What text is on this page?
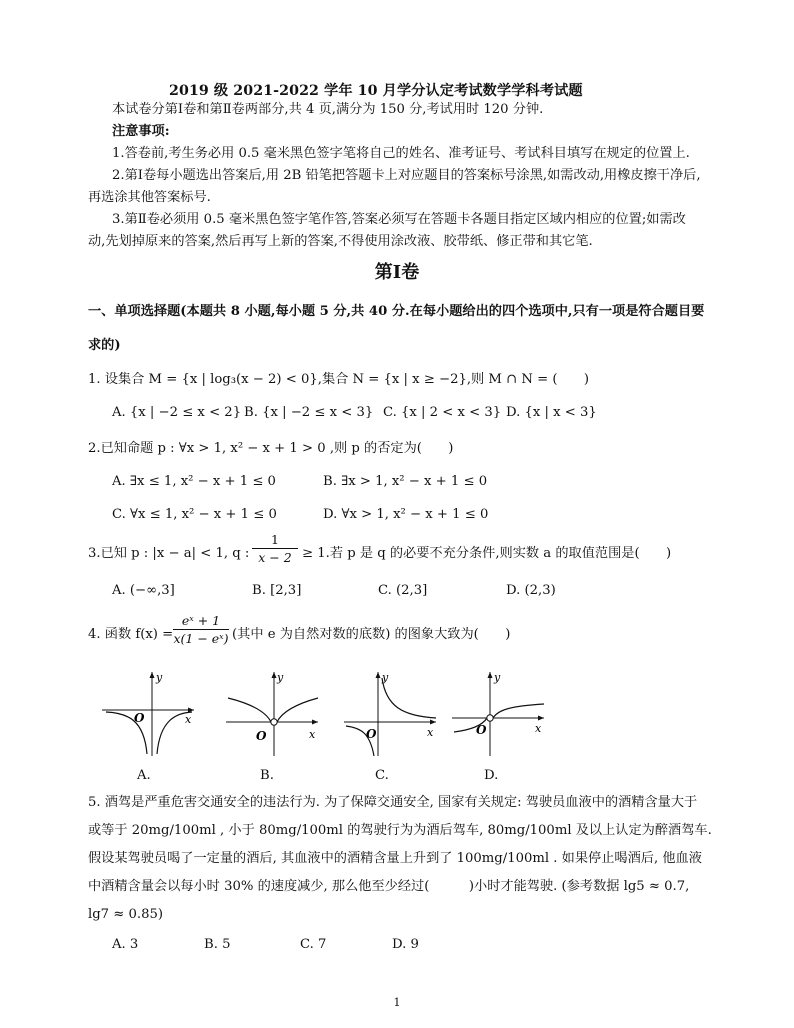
2019 级 2021-2022 学年 10 月学分认定考试数学学科考试题
本试卷分第Ⅰ卷和第Ⅱ卷两部分,共 4 页,满分为 150 分,考试用时 120 分钟.
注意事项:
1.答卷前,考生务必用 0.5 毫米黑色签字笔将自己的姓名、准考证号、考试科目填写在规定的位置上.
2.第Ⅰ卷每小题选出答案后,用 2B 铅笔把答题卡上对应题目的答案标号涂黑,如需改动,用橡皮擦干净后,
再选涂其他答案标号.
3.第Ⅱ卷必须用 0.5 毫米黑色签字笔作答,答案必须写在答题卡各题目指定区域内相应的位置;如需改
动,先划掉原来的答案,然后再写上新的答案,不得使用涂改液、胶带纸、修正带和其它笔.
第Ⅰ卷
一、单项选择题(本题共 8 小题,每小题 5 分,共 40 分.在每小题给出的四个选项中,只有一项是符合题目要
求的)
1. 设集合 M = {x | log₃(x − 2) < 0},集合 N = {x | x ≥ −2},则 M ∩ N = (　　)
A. {x | −2 ≤ x < 2} B. {x | −2 ≤ x < 3} C. {x | 2 < x < 3} D. {x | x < 3}
2.已知命题 p : ∀x > 1, x² − x + 1 > 0 ,则 p 的否定为(　　)
A. ∃x ≤ 1, x² − x + 1 ≤ 0	B. ∃x > 1, x² − x + 1 ≤ 0
C. ∀x ≤ 1, x² − x + 1 ≤ 0	D. ∀x > 1, x² − x + 1 ≤ 0
3.已知 p : |x − a| < 1, q :
1
x − 2 ≥ 1.若 p 是 q 的必要不充分条件,则实数 a 的取值范围是(　　)
A. (−∞,3]	B. [2,3]	C. (2,3]	D. (2,3)
4. 函数 f(x) =
eˣ + 1
x(1 − eˣ) (其中 e 为自然对数的底数) 的图象大致为(　　)
y
x
O
A.
y
x
O
B.
y
x
O
C.
y
x
O
D.
5. 酒驾是严重危害交通安全的违法行为. 为了保障交通安全, 国家有关规定: 驾驶员血液中的酒精含量大于
或等于 20mg/100ml , 小于 80mg/100ml 的驾驶行为为酒后驾车, 80mg/100ml 及以上认定为醉酒驾车.
假设某驾驶员喝了一定量的酒后, 其血液中的酒精含量上升到了 100mg/100ml . 如果停止喝酒后, 他血液
中酒精含量会以每小时 30% 的速度减少, 那么他至少经过(　　　)小时才能驾驶. (参考数据 lg5 ≈ 0.7,
lg7 ≈ 0.85)
A. 3	B. 5	C. 7	D. 9
1
